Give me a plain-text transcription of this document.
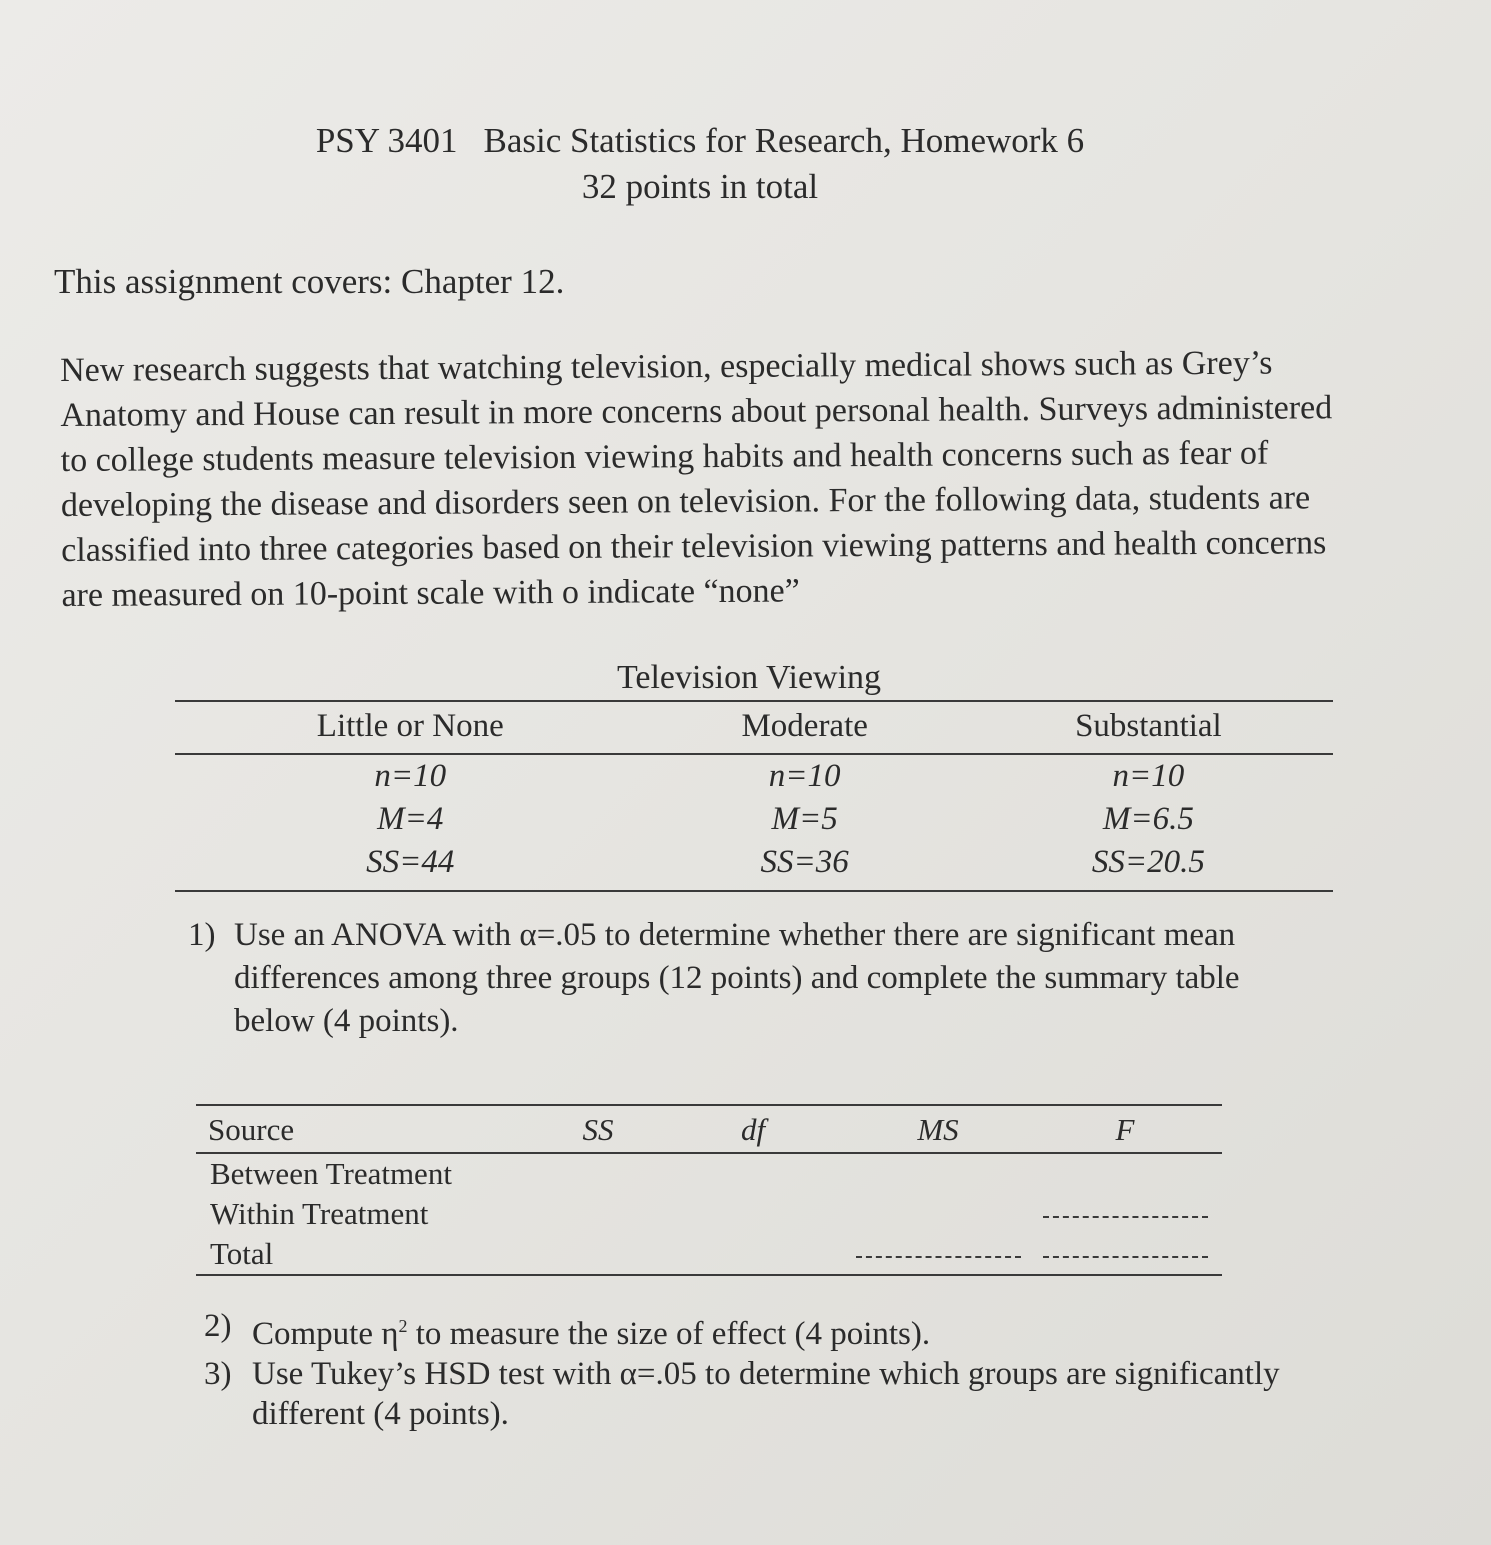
PSY 3401 Basic Statistics for Research, Homework 6
32 points in total
This assignment covers: Chapter 12.
New research suggests that watching television, especially medical shows such as Grey’s Anatomy and House can result in more concerns about personal health. Surveys administered to college students measure television viewing habits and health concerns such as fear of developing the disease and disorders seen on television. For the following data, students are classified into three categories based on their television viewing patterns and health concerns are measured on 10-point scale with o indicate “none”
Television Viewing
Little or None	Moderate	Substantial
n=10	n=10	n=10
M=4	M=5	M=6.5
SS=44	SS=36	SS=20.5
1) Use an ANOVA with α=.05 to determine whether there are significant mean differences among three groups (12 points) and complete the summary table below (4 points).
Source	SS	df	MS	F
Between Treatment				
Within Treatment				
Total				
2) Compute $\eta^2$ to measure the size of effect (4 points).
3) Use Tukey’s HSD test with α=.05 to determine which groups are significantly different (4 points).
